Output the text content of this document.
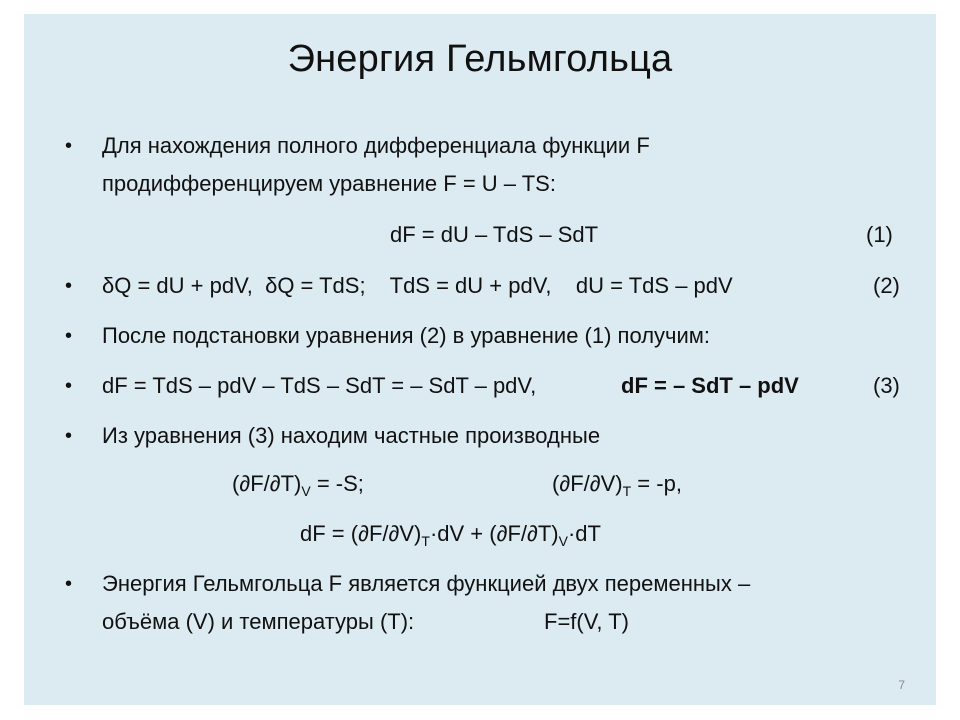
Энергия Гельмгольца
• Для нахождения полного дифференциала функции F
продифференцируем уравнение F = U – TS:
dF = dU – TdS – SdT	(1)
• δQ = dU + pdV,  δQ = TdS;    TdS = dU + pdV,    dU = TdS – pdV	(2)
• После подстановки уравнения (2) в уравнение (1) получим:
• dF = TdS – pdV – TdS – SdT = – SdT – pdV,	dF = – SdT – pdV	(3)
• Из уравнения (3) находим частные производные
$(\partial F/\partial T)_V = -S$;	$(\partial F/\partial V)_T = -p$,
dF = $(\partial F/\partial V)_T\cdot dV + (\partial F/\partial T)_V\cdot dT$
• Энергия Гельмгольца F является функцией двух переменных –
объёма (V) и температуры (T):	F=f(V, T)
7
